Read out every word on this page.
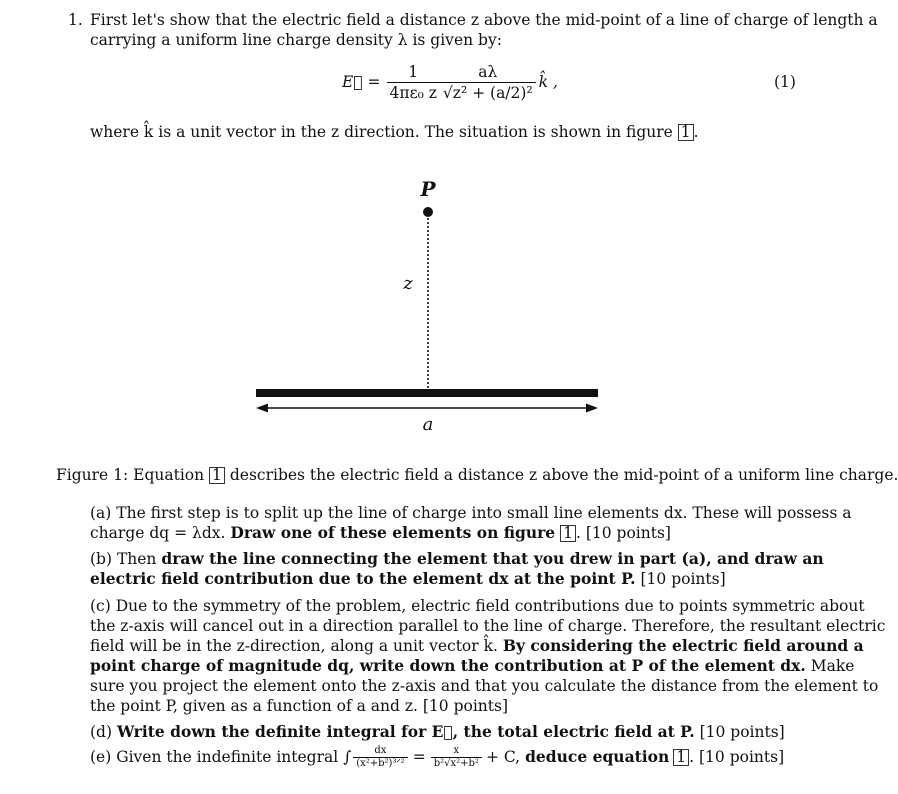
1. First let's show that the electric field a distance z above the mid-point of a line of charge of length a
carrying a uniform line charge density λ is given by:
E⃗ = $\frac{1}{\text{4πε₀ z}} \frac{a\lambda}{\text{√z² + (a/2)²}}$ k̂ ,	(1)
where k̂ is a unit vector in the z direction. The situation is shown in figure 1 .
P
z
a
Figure 1: Equation 1 describes the electric field a distance z above the mid-point of a uniform line charge.
(a) The first step is to split up the line of charge into small line elements dx. These will possess a
charge dq = λdx. Draw one of these elements on figure 1 . [10 points]
(b) Then draw the line connecting the element that you drew in part (a), and draw an
electric field contribution due to the element dx at the point P. [10 points]
(c) Due to the symmetry of the problem, electric field contributions due to points symmetric about
the z-axis will cancel out in a direction parallel to the line of charge. Therefore, the resultant electric
field will be in the z-direction, along a unit vector k̂. By considering the electric field around a
point charge of magnitude dq, write down the contribution at P of the element dx. Make
sure you project the element onto the z-axis and that you calculate the distance from the element to
the point P, given as a function of a and z. [10 points]
(d) Write down the definite integral for E⃗, the total electric field at P. [10 points]
(e) Given the indefinite integral ∫ $\frac{dx}{\text{(x²+b²)³ᐟ²}} = \frac{x}{\text{b²√x²+b²}} + C$, deduce equation 1 . [10 points]
